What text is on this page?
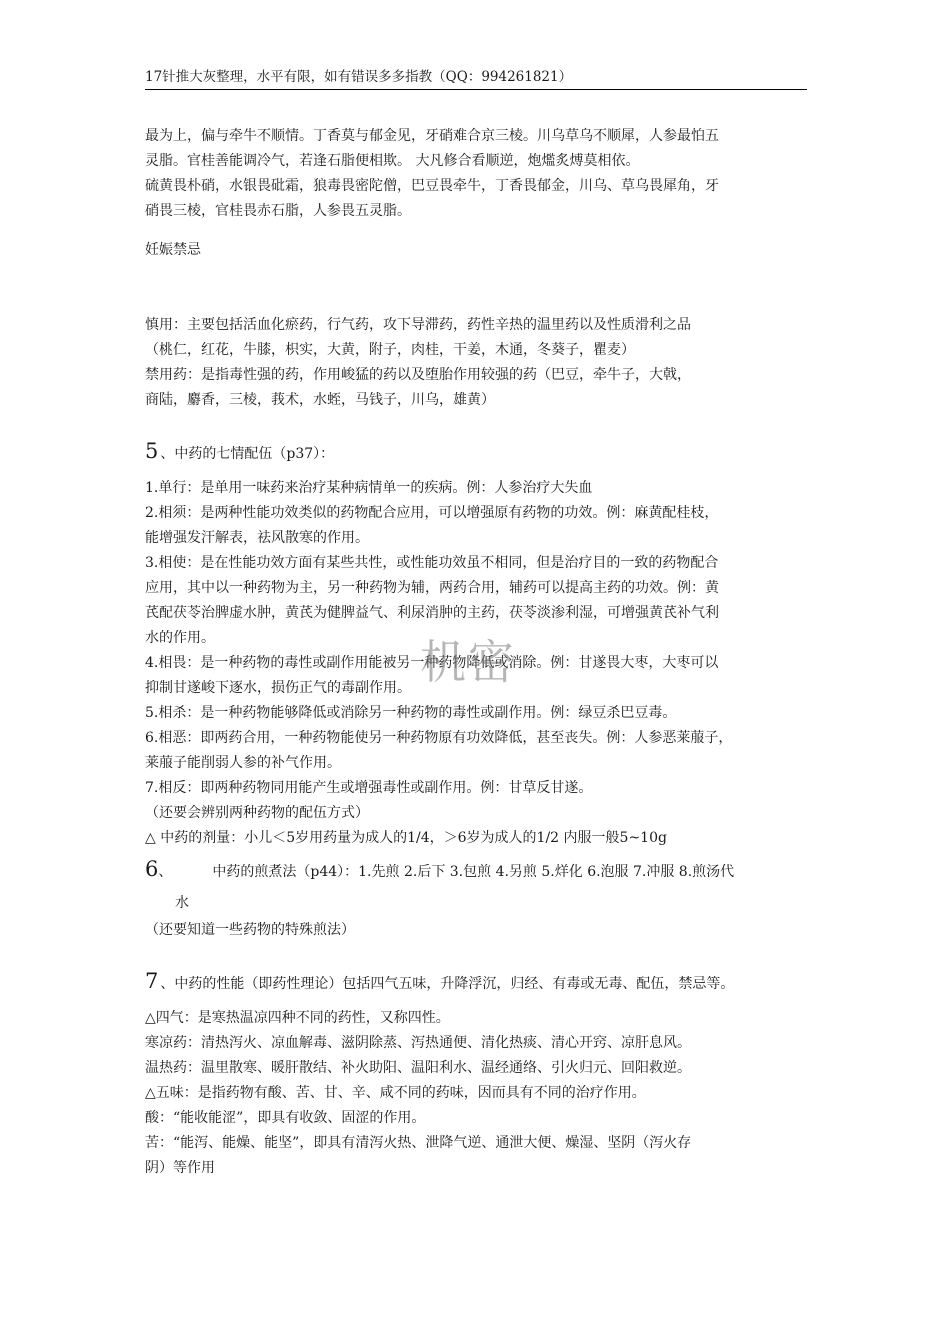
17针推大灰整理，水平有限，如有错误多多指教（QQ：994261821）

最为上，偏与牵牛不顺情。丁香莫与郁金见，牙硝难合京三棱。川乌草乌不顺犀，人参最怕五

灵脂。官桂善能调冷气，若逢石脂便相欺。 大凡修合看顺逆，炮爁炙煿莫相依。

硫黄畏朴硝，水银畏砒霜，狼毒畏密陀僧，巴豆畏牵牛，丁香畏郁金，川乌、草乌畏犀角，牙

硝畏三棱，官桂畏赤石脂，人参畏五灵脂。

妊娠禁忌

慎用：主要包括活血化瘀药，行气药，攻下导滞药，药性辛热的温里药以及性质滑利之品

（桃仁，红花，牛膝，枳实，大黄，附子，肉桂，干姜，木通，冬葵子，瞿麦）

禁用药：是指毒性强的药，作用峻猛的药以及堕胎作用较强的药（巴豆，牵牛子，大戟，

商陆，麝香，三棱，莪术，水蛭，马钱子，川乌，雄黄）

5 、中药的七情配伍（p37）：

1.单行：是单用一味药来治疗某种病情单一的疾病。例：人参治疗大失血

2.相须：是两种性能功效类似的药物配合应用，可以增强原有药物的功效。例：麻黄配桂枝，

能增强发汗解表，祛风散寒的作用。

3.相使：是在性能功效方面有某些共性，或性能功效虽不相同，但是治疗目的一致的药物配合

应用，其中以一种药物为主，另一种药物为辅，两药合用，辅药可以提高主药的功效。例：黄

芪配茯苓治脾虚水肿，黄芪为健脾益气、利尿消肿的主药，茯苓淡渗利湿，可增强黄芪补气利

水的作用。

4.相畏：是一种药物的毒性或副作用能被另一种药物降低或消除。例：甘遂畏大枣，大枣可以

抑制甘遂峻下逐水，损伤正气的毒副作用。

5.相杀：是一种药物能够降低或消除另一种药物的毒性或副作用。例：绿豆杀巴豆毒。

6.相恶：即两药合用，一种药物能使另一种药物原有功效降低，甚至丧失。例：人参恶莱菔子，

莱菔子能削弱人参的补气作用。

7.相反：即两种药物同用能产生或增强毒性或副作用。例：甘草反甘遂。

（还要会辨别两种药物的配伍方式）

△ 中药的剂量：小儿＜5岁用药量为成人的1/4，＞6岁为成人的1/2 内服一般5~10g

6、	中药的煎煮法（p44）：1.先煎 2.后下 3.包煎 4.另煎 5.烊化 6.泡服 7.冲服 8.煎汤代

水

（还要知道一些药物的特殊煎法）

7 、中药的性能（即药性理论）包括四气五味，升降浮沉，归经、有毒或无毒、配伍，禁忌等。

△四气：是寒热温凉四种不同的药性，又称四性。

寒凉药：清热泻火、凉血解毒、滋阴除蒸、泻热通便、清化热痰、清心开窍、凉肝息风。

温热药：温里散寒、暖肝散结、补火助阳、温阳利水、温经通络、引火归元、回阳救逆。

△五味：是指药物有酸、苦、甘、辛、咸不同的药味，因而具有不同的治疗作用。

酸：“能收能涩”，即具有收敛、固涩的作用。

苦：“能泻、能燥、能坚”，即具有清泻火热、泄降气逆、通泄大便、燥湿、坚阴（泻火存

阴）等作用

机密
